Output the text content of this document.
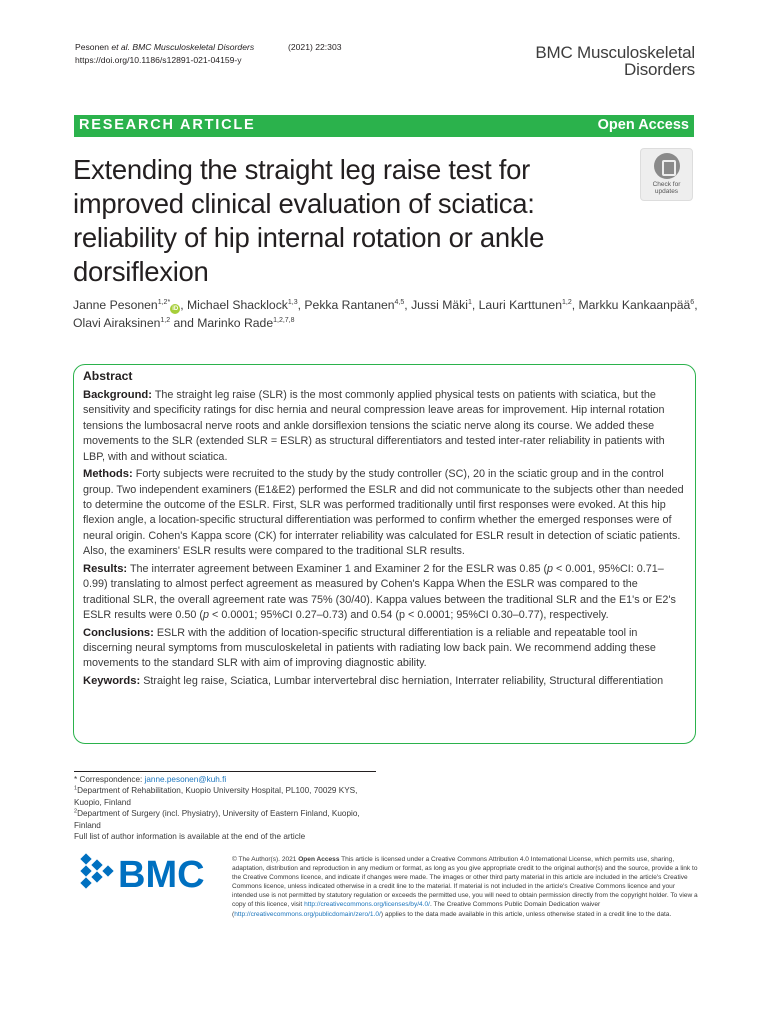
Pesonen et al. BMC Musculoskeletal Disorders	(2021) 22:303
https://doi.org/10.1186/s12891-021-04159-y	BMC Musculoskeletal
Disorders
RESEARCH ARTICLE	Open Access
Extending the straight leg raise test for improved clinical evaluation of sciatica: reliability of hip internal rotation or ankle dorsiflexion
Check for
updates
Janne Pesonen$^{1,2*}$iD , Michael Shacklock$^{1,3}$, Pekka Rantanen$^{4,5}$, Jussi Mäki$^1$, Lauri Karttunen$^{1,2}$, Markku Kankaanpää$^6$,
Olavi Airaksinen$^{1,2}$ and Marinko Rade$^{1,2,7,8}$
Abstract

Background: The straight leg raise (SLR) is the most commonly applied physical tests on patients with sciatica, but the sensitivity and specificity ratings for disc hernia and neural compression leave areas for improvement. Hip internal rotation tensions the lumbosacral nerve roots and ankle dorsiflexion tensions the sciatic nerve along its course. We added these movements to the SLR (extended SLR = ESLR) as structural differentiators and tested inter-rater reliability in patients with LBP, with and without sciatica.

Methods: Forty subjects were recruited to the study by the study controller (SC), 20 in the sciatic group and in the control group. Two independent examiners (E1&E2) performed the ESLR and did not communicate to the subjects other than needed to determine the outcome of the ESLR. First, SLR was performed traditionally until first responses were evoked. At this hip flexion angle, a location-specific structural differentiation was performed to confirm whether the emerged responses were of neural origin. Cohen's Kappa score (CK) for interrater reliability was calculated for ESLR result in detection of sciatic patients. Also, the examiners' ESLR results were compared to the traditional SLR results.

Results: The interrater agreement between Examiner 1 and Examiner 2 for the ESLR was 0.85 (p < 0.001, 95%CI: 0.71–0.99) translating to almost perfect agreement as measured by Cohen's Kappa When the ESLR was compared to the traditional SLR, the overall agreement rate was 75% (30/40). Kappa values between the traditional SLR and the E1's or E2's ESLR results were 0.50 (p < 0.0001; 95%CI 0.27–0.73) and 0.54 (p < 0.0001; 95%CI 0.30–0.77), respectively.

Conclusions: ESLR with the addition of location-specific structural differentiation is a reliable and repeatable tool in discerning neural symptoms from musculoskeletal in patients with radiating low back pain. We recommend adding these movements to the standard SLR with aim of improving diagnostic ability.

Keywords: Straight leg raise, Sciatica, Lumbar intervertebral disc herniation, Interrater reliability, Structural differentiation

* Correspondence: janne.pesonen@kuh.fi
$^1$Department of Rehabilitation, Kuopio University Hospital, PL100, 70029 KYS, Kuopio, Finland
$^2$Department of Surgery (incl. Physiatry), University of Eastern Finland, Kuopio, Finland
Full list of author information is available at the end of the article
BMC	© The Author(s). 2021 Open Access This article is licensed under a Creative Commons Attribution 4.0 International License, which permits use, sharing, adaptation, distribution and reproduction in any medium or format, as long as you give appropriate credit to the original author(s) and the source, provide a link to the Creative Commons licence, and indicate if changes were made. The images or other third party material in this article are included in the article's Creative Commons licence, unless indicated otherwise in a credit line to the material. If material is not included in the article's Creative Commons licence and your intended use is not permitted by statutory regulation or exceeds the permitted use, you will need to obtain permission directly from the copyright holder. To view a copy of this licence, visit http://creativecommons.org/licenses/by/4.0/. The Creative Commons Public Domain Dedication waiver (http://creativecommons.org/publicdomain/zero/1.0/) applies to the data made available in this article, unless otherwise stated in a credit line to the data.
